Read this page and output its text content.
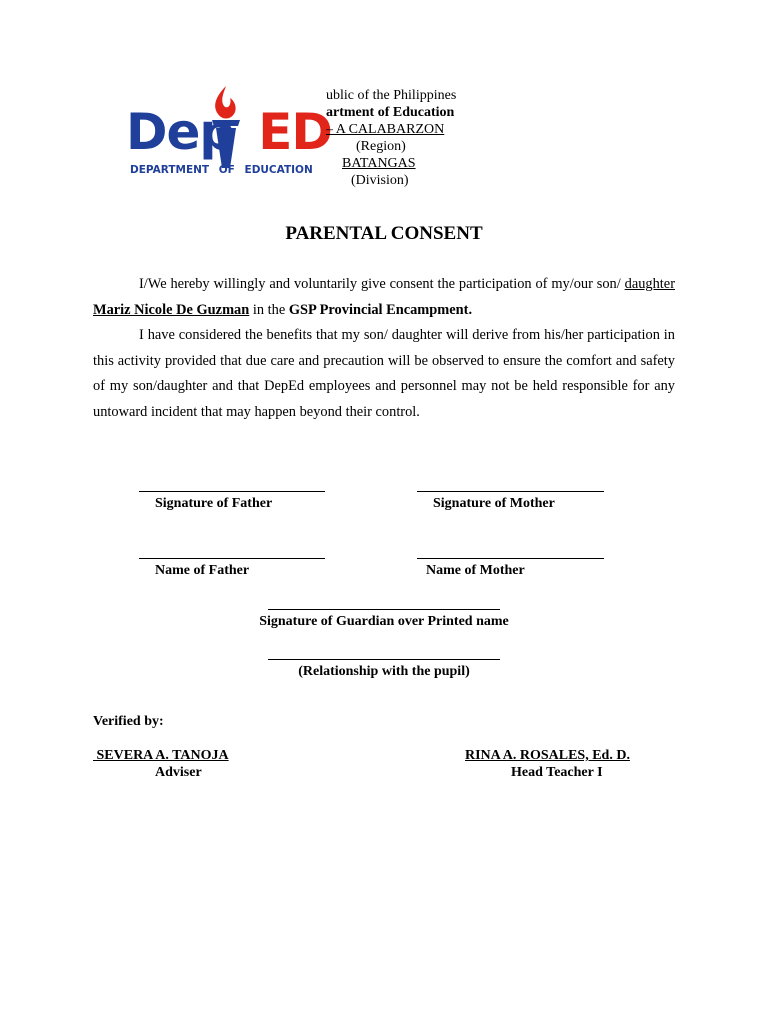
Dep ED
DEPARTMENT OF EDUCATION
ublic of the Philippines
artment of Education
– A CALABARZON
(Region)
BATANGAS
(Division)
PARENTAL CONSENT
I/We hereby willingly and voluntarily give consent the participation of my/our son/ daughter Mariz Nicole De Guzman in the GSP Provincial Encampment.
I have considered the benefits that my son/ daughter will derive from his/her participation in this activity provided that due care and precaution will be observed to ensure the comfort and safety of my son/daughter and that DepEd employees and personnel may not be held responsible for any untoward incident that may happen beyond their control.
Signature of Father	Signature of Mother
Name of Father	Name of Mother
Signature of Guardian over Printed name
(Relationship with the pupil)
Verified by:
SEVERA A. TANOJA
Adviser
RINA A. ROSALES, Ed. D.
Head Teacher I
